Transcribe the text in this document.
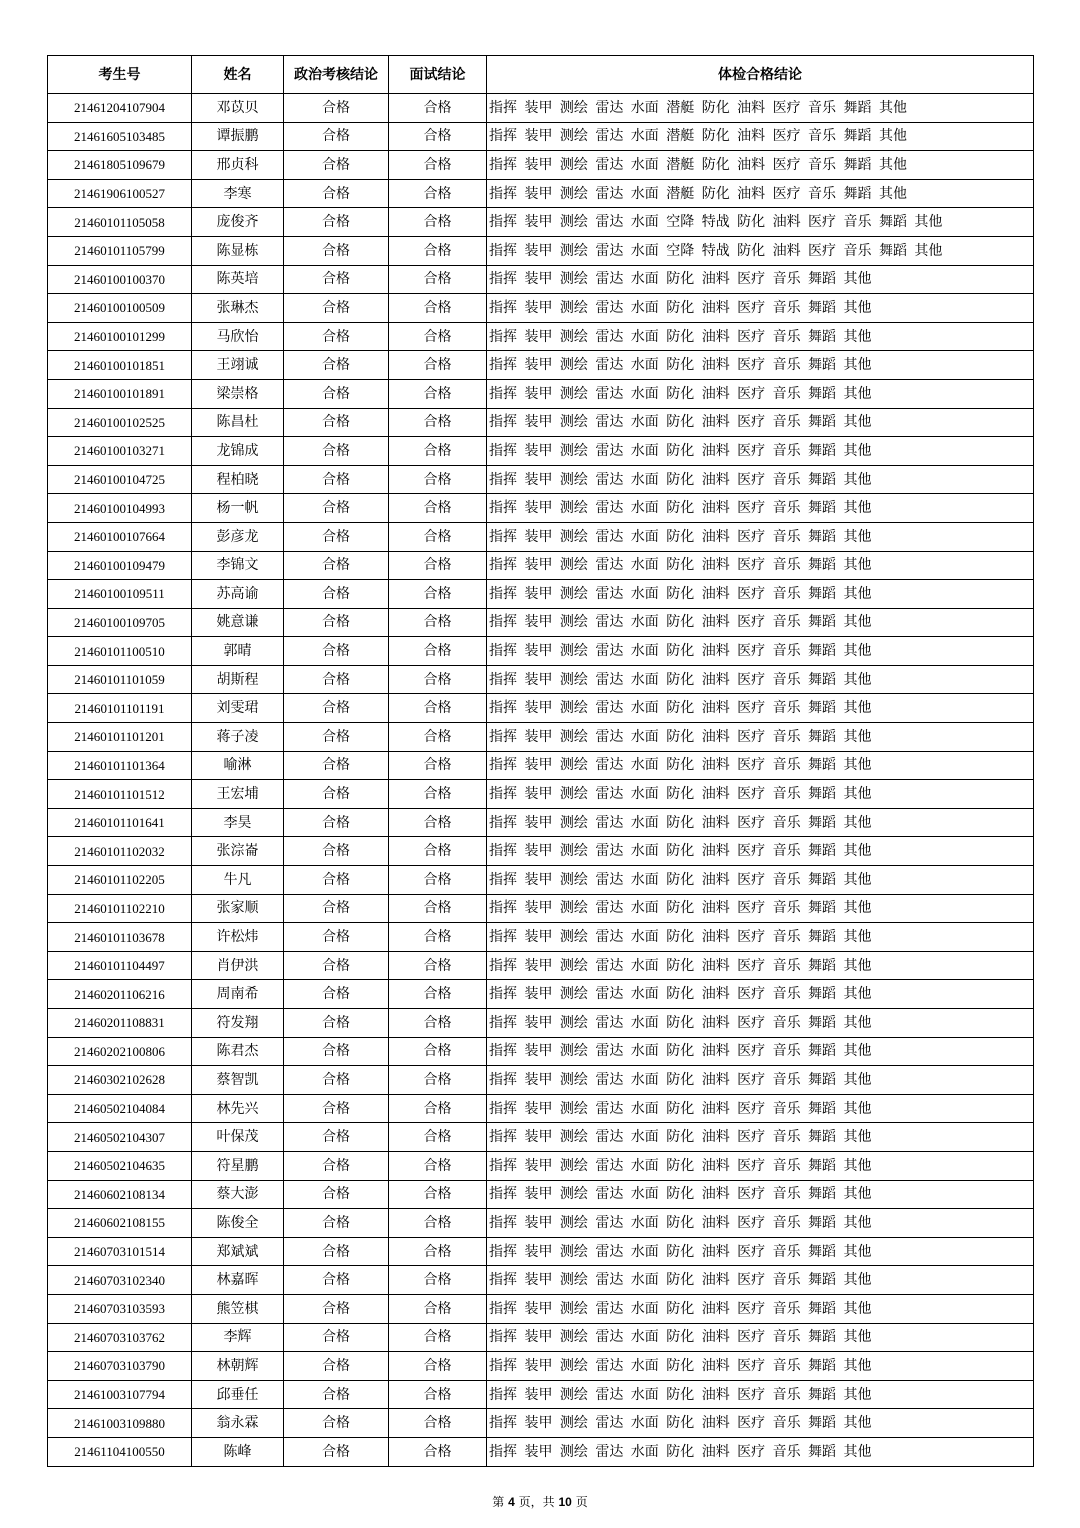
考生号	姓名	政治考核结论	面试结论	体检合格结论
21461204107904	邓苡贝	合格	合格	指挥 装甲 测绘 雷达 水面 潜艇 防化 油料 医疗 音乐 舞蹈 其他
21461605103485	谭振鹏	合格	合格	指挥 装甲 测绘 雷达 水面 潜艇 防化 油料 医疗 音乐 舞蹈 其他
21461805109679	邢贞科	合格	合格	指挥 装甲 测绘 雷达 水面 潜艇 防化 油料 医疗 音乐 舞蹈 其他
21461906100527	李寒	合格	合格	指挥 装甲 测绘 雷达 水面 潜艇 防化 油料 医疗 音乐 舞蹈 其他
21460101105058	庞俊齐	合格	合格	指挥 装甲 测绘 雷达 水面 空降 特战 防化 油料 医疗 音乐 舞蹈 其他
21460101105799	陈显栋	合格	合格	指挥 装甲 测绘 雷达 水面 空降 特战 防化 油料 医疗 音乐 舞蹈 其他
21460100100370	陈英培	合格	合格	指挥 装甲 测绘 雷达 水面 防化 油料 医疗 音乐 舞蹈 其他
21460100100509	张琳杰	合格	合格	指挥 装甲 测绘 雷达 水面 防化 油料 医疗 音乐 舞蹈 其他
21460100101299	马欣怡	合格	合格	指挥 装甲 测绘 雷达 水面 防化 油料 医疗 音乐 舞蹈 其他
21460100101851	王翊诚	合格	合格	指挥 装甲 测绘 雷达 水面 防化 油料 医疗 音乐 舞蹈 其他
21460100101891	梁崇格	合格	合格	指挥 装甲 测绘 雷达 水面 防化 油料 医疗 音乐 舞蹈 其他
21460100102525	陈昌杜	合格	合格	指挥 装甲 测绘 雷达 水面 防化 油料 医疗 音乐 舞蹈 其他
21460100103271	龙锦成	合格	合格	指挥 装甲 测绘 雷达 水面 防化 油料 医疗 音乐 舞蹈 其他
21460100104725	程柏晓	合格	合格	指挥 装甲 测绘 雷达 水面 防化 油料 医疗 音乐 舞蹈 其他
21460100104993	杨一帆	合格	合格	指挥 装甲 测绘 雷达 水面 防化 油料 医疗 音乐 舞蹈 其他
21460100107664	彭彦龙	合格	合格	指挥 装甲 测绘 雷达 水面 防化 油料 医疗 音乐 舞蹈 其他
21460100109479	李锦文	合格	合格	指挥 装甲 测绘 雷达 水面 防化 油料 医疗 音乐 舞蹈 其他
21460100109511	苏高谕	合格	合格	指挥 装甲 测绘 雷达 水面 防化 油料 医疗 音乐 舞蹈 其他
21460100109705	姚意谦	合格	合格	指挥 装甲 测绘 雷达 水面 防化 油料 医疗 音乐 舞蹈 其他
21460101100510	郭晴	合格	合格	指挥 装甲 测绘 雷达 水面 防化 油料 医疗 音乐 舞蹈 其他
21460101101059	胡斯程	合格	合格	指挥 装甲 测绘 雷达 水面 防化 油料 医疗 音乐 舞蹈 其他
21460101101191	刘雯珺	合格	合格	指挥 装甲 测绘 雷达 水面 防化 油料 医疗 音乐 舞蹈 其他
21460101101201	蒋子凌	合格	合格	指挥 装甲 测绘 雷达 水面 防化 油料 医疗 音乐 舞蹈 其他
21460101101364	喻淋	合格	合格	指挥 装甲 测绘 雷达 水面 防化 油料 医疗 音乐 舞蹈 其他
21460101101512	王宏埔	合格	合格	指挥 装甲 测绘 雷达 水面 防化 油料 医疗 音乐 舞蹈 其他
21460101101641	李昊	合格	合格	指挥 装甲 测绘 雷达 水面 防化 油料 医疗 音乐 舞蹈 其他
21460101102032	张淙崙	合格	合格	指挥 装甲 测绘 雷达 水面 防化 油料 医疗 音乐 舞蹈 其他
21460101102205	牛凡	合格	合格	指挥 装甲 测绘 雷达 水面 防化 油料 医疗 音乐 舞蹈 其他
21460101102210	张家顺	合格	合格	指挥 装甲 测绘 雷达 水面 防化 油料 医疗 音乐 舞蹈 其他
21460101103678	许松炜	合格	合格	指挥 装甲 测绘 雷达 水面 防化 油料 医疗 音乐 舞蹈 其他
21460101104497	肖伊洪	合格	合格	指挥 装甲 测绘 雷达 水面 防化 油料 医疗 音乐 舞蹈 其他
21460201106216	周南希	合格	合格	指挥 装甲 测绘 雷达 水面 防化 油料 医疗 音乐 舞蹈 其他
21460201108831	符发翔	合格	合格	指挥 装甲 测绘 雷达 水面 防化 油料 医疗 音乐 舞蹈 其他
21460202100806	陈君杰	合格	合格	指挥 装甲 测绘 雷达 水面 防化 油料 医疗 音乐 舞蹈 其他
21460302102628	蔡智凯	合格	合格	指挥 装甲 测绘 雷达 水面 防化 油料 医疗 音乐 舞蹈 其他
21460502104084	林先兴	合格	合格	指挥 装甲 测绘 雷达 水面 防化 油料 医疗 音乐 舞蹈 其他
21460502104307	叶保茂	合格	合格	指挥 装甲 测绘 雷达 水面 防化 油料 医疗 音乐 舞蹈 其他
21460502104635	符星鹏	合格	合格	指挥 装甲 测绘 雷达 水面 防化 油料 医疗 音乐 舞蹈 其他
21460602108134	蔡大澎	合格	合格	指挥 装甲 测绘 雷达 水面 防化 油料 医疗 音乐 舞蹈 其他
21460602108155	陈俊全	合格	合格	指挥 装甲 测绘 雷达 水面 防化 油料 医疗 音乐 舞蹈 其他
21460703101514	郑斌斌	合格	合格	指挥 装甲 测绘 雷达 水面 防化 油料 医疗 音乐 舞蹈 其他
21460703102340	林嘉晖	合格	合格	指挥 装甲 测绘 雷达 水面 防化 油料 医疗 音乐 舞蹈 其他
21460703103593	熊笠棋	合格	合格	指挥 装甲 测绘 雷达 水面 防化 油料 医疗 音乐 舞蹈 其他
21460703103762	李辉	合格	合格	指挥 装甲 测绘 雷达 水面 防化 油料 医疗 音乐 舞蹈 其他
21460703103790	林朝辉	合格	合格	指挥 装甲 测绘 雷达 水面 防化 油料 医疗 音乐 舞蹈 其他
21461003107794	邱垂任	合格	合格	指挥 装甲 测绘 雷达 水面 防化 油料 医疗 音乐 舞蹈 其他
21461003109880	翁永霖	合格	合格	指挥 装甲 测绘 雷达 水面 防化 油料 医疗 音乐 舞蹈 其他
21461104100550	陈峰	合格	合格	指挥 装甲 测绘 雷达 水面 防化 油料 医疗 音乐 舞蹈 其他
第 4 页，共 10 页
